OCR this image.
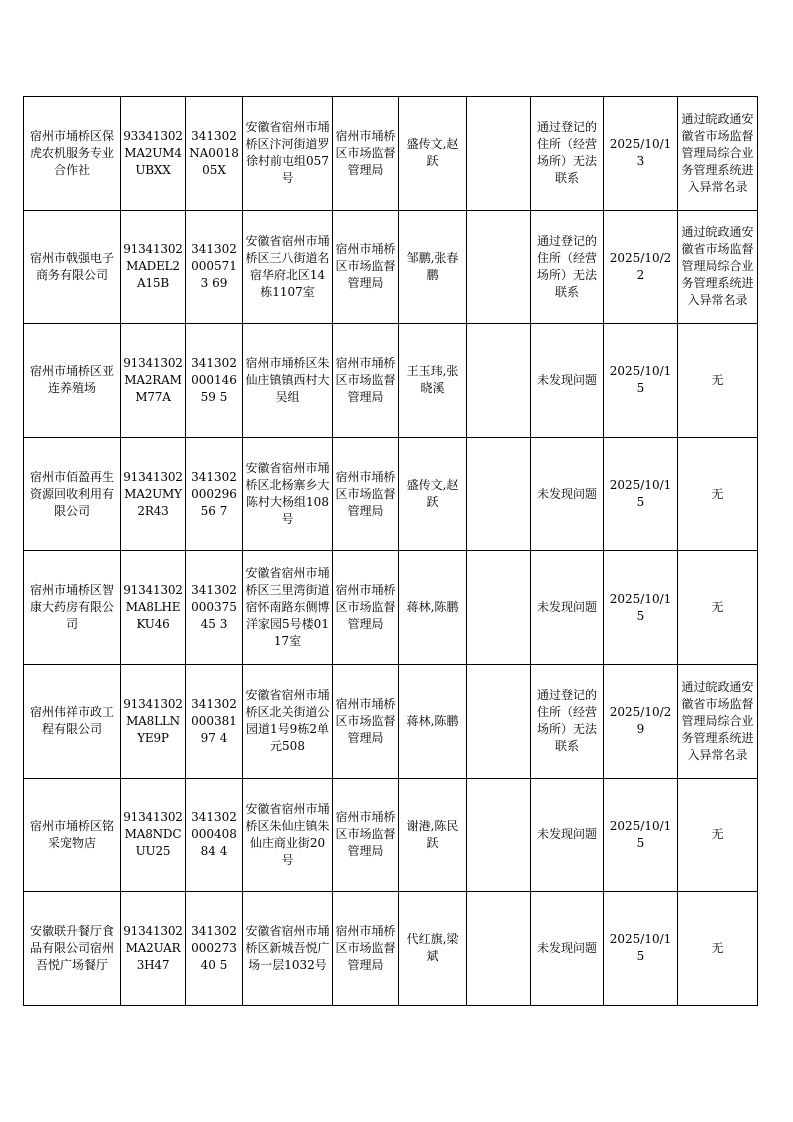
宿州市埇桥区保虎农机服务专业合作社	93341302MA2UM4UBXX	341302NA001805X	安徽省宿州市埇桥区汴河街道罗徐村前屯组057号	宿州市埇桥区市场监督管理局	盛传文,赵跃		通过登记的住所（经营场所）无法联系	2025/10/13	通过皖政通安徽省市场监督管理局综合业务管理系统进入异常名录
宿州市戟强电子商务有限公司	91341302MADEL2A15B	3413020005713 69	安徽省宿州市埇桥区三八街道名宿华府北区14栋1107室	宿州市埇桥区市场监督管理局	邹鹏,张春鹏		通过登记的住所（经营场所）无法联系	2025/10/22	通过皖政通安徽省市场监督管理局综合业务管理系统进入异常名录
宿州市埇桥区亚连养殖场	91341302MA2RAMM77A	34130200014659 5	宿州市埇桥区朱仙庄镇镇西村大吴组	宿州市埇桥区市场监督管理局	王玉玮,张晓溪		未发现问题	2025/10/15	无
宿州市佰盈再生资源回收利用有限公司	91341302MA2UMY2R43	34130200029656 7	安徽省宿州市埇桥区北杨寨乡大陈村大杨组108号	宿州市埇桥区市场监督管理局	盛传文,赵跃		未发现问题	2025/10/15	无
宿州市埇桥区智康大药房有限公司	91341302MA8LHEKU46	34130200037545 3	安徽省宿州市埇桥区三里湾街道宿怀南路东侧博洋家园5号楼0117室	宿州市埇桥区市场监督管理局	蒋林,陈鹏		未发现问题	2025/10/15	无
宿州伟祥市政工程有限公司	91341302MA8LLNYE9P	34130200038197 4	安徽省宿州市埇桥区北关街道公园道1号9栋2单元508	宿州市埇桥区市场监督管理局	蒋林,陈鹏		通过登记的住所（经营场所）无法联系	2025/10/29	通过皖政通安徽省市场监督管理局综合业务管理系统进入异常名录
宿州市埇桥区铭采宠物店	91341302MA8NDCUU25	34130200040884 4	安徽省宿州市埇桥区朱仙庄镇朱仙庄商业街20号	宿州市埇桥区市场监督管理局	谢港,陈民跃		未发现问题	2025/10/15	无
安徽联升餐厅食品有限公司宿州吾悦广场餐厅	91341302MA2UAR3H47	34130200027340 5	安徽省宿州市埇桥区新城吾悦广场一层1032号	宿州市埇桥区市场监督管理局	代红旗,梁斌		未发现问题	2025/10/15	无
